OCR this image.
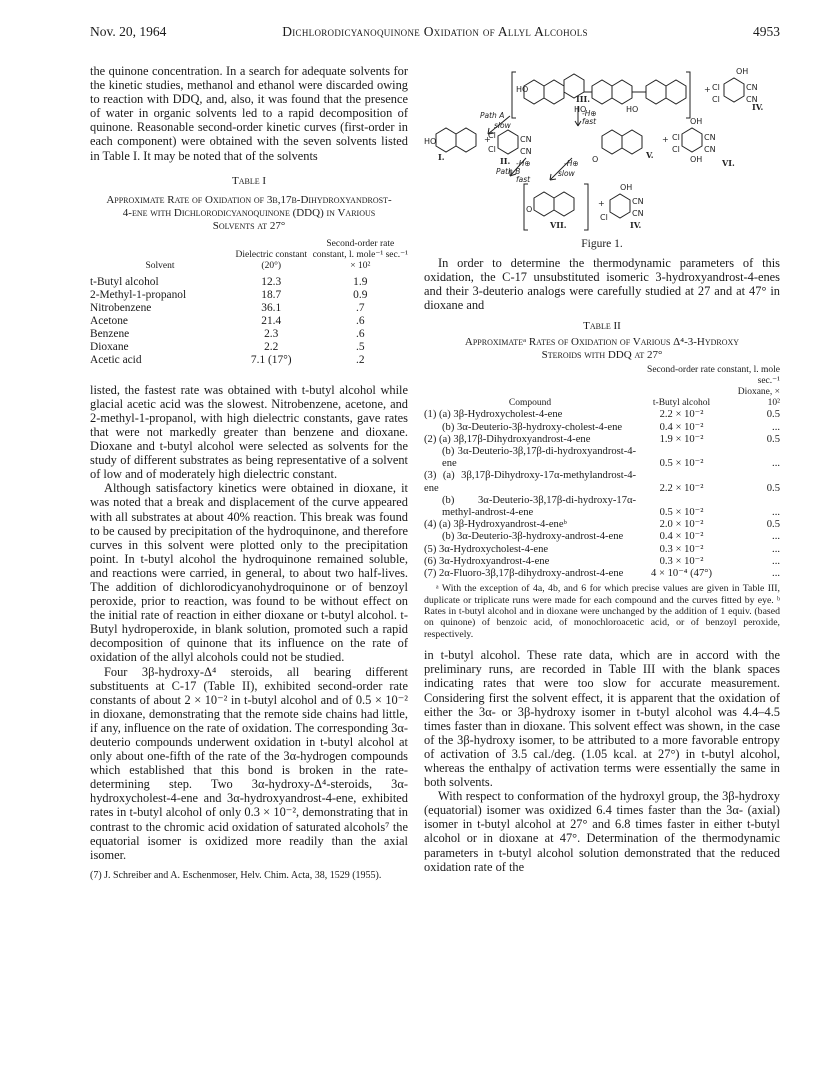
Nov. 20, 1964	Dichlorodicyanoquinone Oxidation of Allyl Alcohols	4953

the quinone concentration. In a search for adequate solvents for the kinetic studies, methanol and ethanol were discarded owing to reaction with DDQ, and, also, it was found that the presence of water in organic solvents led to a rapid decomposition of quinone. Reasonable second-order kinetic curves (first-order in each component) were obtained with the seven solvents listed in Table I. It may be noted that of the solvents

Table I
Approximate Rate of Oxidation of 3β,17β-Dihydroxyandrost-4-ene with Dichlorodicyanoquinone (DDQ) in Various Solvents at 27°
Solvent	Dielectric constant (20°)	Second-order rate constant, l. mole⁻¹ sec.⁻¹ × 10²

t-Butyl alcohol	12.3	1.9
2-Methyl-1-propanol	18.7	0.9
Nitrobenzene	36.1	.7
Acetone	21.4	.6
Benzene	2.3	.6
Dioxane	2.2	.5
Acetic acid	7.1 (17°)	.2

listed, the fastest rate was obtained with t-butyl alcohol while glacial acetic acid was the slowest. Nitrobenzene, acetone, and 2-methyl-1-propanol, with high dielectric constants, gave rates that were not markedly greater than benzene and dioxane. Dioxane and t-butyl alcohol were selected as solvents for the study of different substrates as being representative of a solvent of low and of moderately high dielectric constant.

Although satisfactory kinetics were obtained in dioxane, it was noted that a break and displacement of the curve appeared with all substrates at about 40% reaction. This break was found to be caused by precipitation of the hydroquinone, and therefore curves in this solvent were plotted only to the precipitation point. In t-butyl alcohol the hydroquinone remained soluble, and reactions were carried, in general, to about two half-lives. The addition of dichlorodicyanohydroquinone or of benzoyl peroxide, prior to reaction, was found to be without effect on the initial rate of reaction in either dioxane or t-butyl alcohol. t-Butyl hydroperoxide, in blank solution, promoted such a rapid decomposition of quinone that its influence on the rate of oxidation of the allyl alcohols could not be studied.

Four 3β-hydroxy-Δ⁴ steroids, all bearing different substituents at C-17 (Table II), exhibited second-order rate constants of about 2 × 10⁻² in t-butyl alcohol and of 0.5 × 10⁻² in dioxane, demonstrating that the remote side chains had little, if any, influence on the rate of oxidation. The corresponding 3α-deuterio compounds underwent oxidation in t-butyl alcohol at only about one-fifth of the rate of the 3α-hydrogen compounds which established that this bond is broken in the rate-determining step. Two 3α-hydroxy-Δ⁴-steroids, 3α-hydroxycholest-4-ene and 3α-hydroxyandrost-4-ene, exhibited rates in t-butyl alcohol of only 0.3 × 10⁻², demonstrating that in contrast to the chromic acid oxidation of saturated alcohols⁷ the equatorial isomer is oxidized more readily than the axial isomer.

(7) J. Schreiber and A. Eschenmoser, Helv. Chim. Acta, 38, 1529 (1955).
HO
HO	HO
OH
CN
CN
Cl
Cl
+
HO	+	CN
CN
Cl
Cl
O
+
OH
CN
CN
Cl
Cl
OH
O
+
OH
CN
CN
Cl
Path A
slow
Path B
fast
fast
slow
-H⊕
-H⊕	-H⊕
I.	II.
III.
IV.
V.
VI.
VII.	IV.
Figure 1.

In order to determine the thermodynamic parameters of this oxidation, the C-17 unsubstituted isomeric 3-hydroxyandrost-4-enes and their 3-deuterio analogs were carefully studied at 27 and at 47° in dioxane and

Table II
Approximateᵃ Rates of Oxidation of Various Δ⁴-3-Hydroxy Steroids with DDQ at 27°
	Second-order rate constant, l. mole sec.⁻¹	
Compound	t-Butyl alcohol	Dioxane, × 10²
(1) (a) 3β-Hydroxycholest-4-ene	2.2 × 10⁻²	0.5
(b) 3α-Deuterio-3β-hydroxy-cholest-4-ene	0.4 × 10⁻²	...
(2) (a) 3β,17β-Dihydroxyandrost-4-ene	1.9 × 10⁻²	0.5
(b) 3α-Deuterio-3β,17β-di-hydroxyandrost-4-ene	0.5 × 10⁻²	...
(3) (a) 3β,17β-Dihydroxy-17α-methylandrost-4-ene	2.2 × 10⁻²	0.5
(b) 3α-Deuterio-3β,17β-di-hydroxy-17α-methyl-androst-4-ene	0.5 × 10⁻²	...
(4) (a) 3β-Hydroxyandrost-4-eneᵇ	2.0 × 10⁻²	0.5
(b) 3α-Deuterio-3β-hydroxy-androst-4-ene	0.4 × 10⁻²	...
(5) 3α-Hydroxycholest-4-ene	0.3 × 10⁻²	...
(6) 3α-Hydroxyandrost-4-ene	0.3 × 10⁻²	...
(7) 2α-Fluoro-3β,17β-dihydroxy-androst-4-ene	4 × 10⁻⁴ (47°)	...
ᵃ With the exception of 4a, 4b, and 6 for which precise values are given in Table III, duplicate or triplicate runs were made for each compound and the curves fitted by eye. ᵇ Rates in t-butyl alcohol and in dioxane were unchanged by the addition of 1 equiv. (based on quinone) of benzoic acid, of monochloroacetic acid, or of benzoyl peroxide, respectively.

in t-butyl alcohol. These rate data, which are in accord with the preliminary runs, are recorded in Table III with the blank spaces indicating rates that were too slow for accurate measurement. Considering first the solvent effect, it is apparent that the oxidation of either the 3α- or 3β-hydroxy isomer in t-butyl alcohol was 4.4–4.5 times faster than in dioxane. This solvent effect was shown, in the case of the 3β-hydroxy isomer, to be attributed to a more favorable entropy of activation of 3.5 cal./deg. (1.05 kcal. at 27°) in t-butyl alcohol, whereas the enthalpy of activation terms were essentially the same in both solvents.

With respect to conformation of the hydroxyl group, the 3β-hydroxy (equatorial) isomer was oxidized 6.4 times faster than the 3α- (axial) isomer in t-butyl alcohol at 27° and 6.8 times faster in either t-butyl alcohol or in dioxane at 47°. Determination of the thermodynamic parameters in t-butyl alcohol solution demonstrated that the reduced oxidation rate of the
